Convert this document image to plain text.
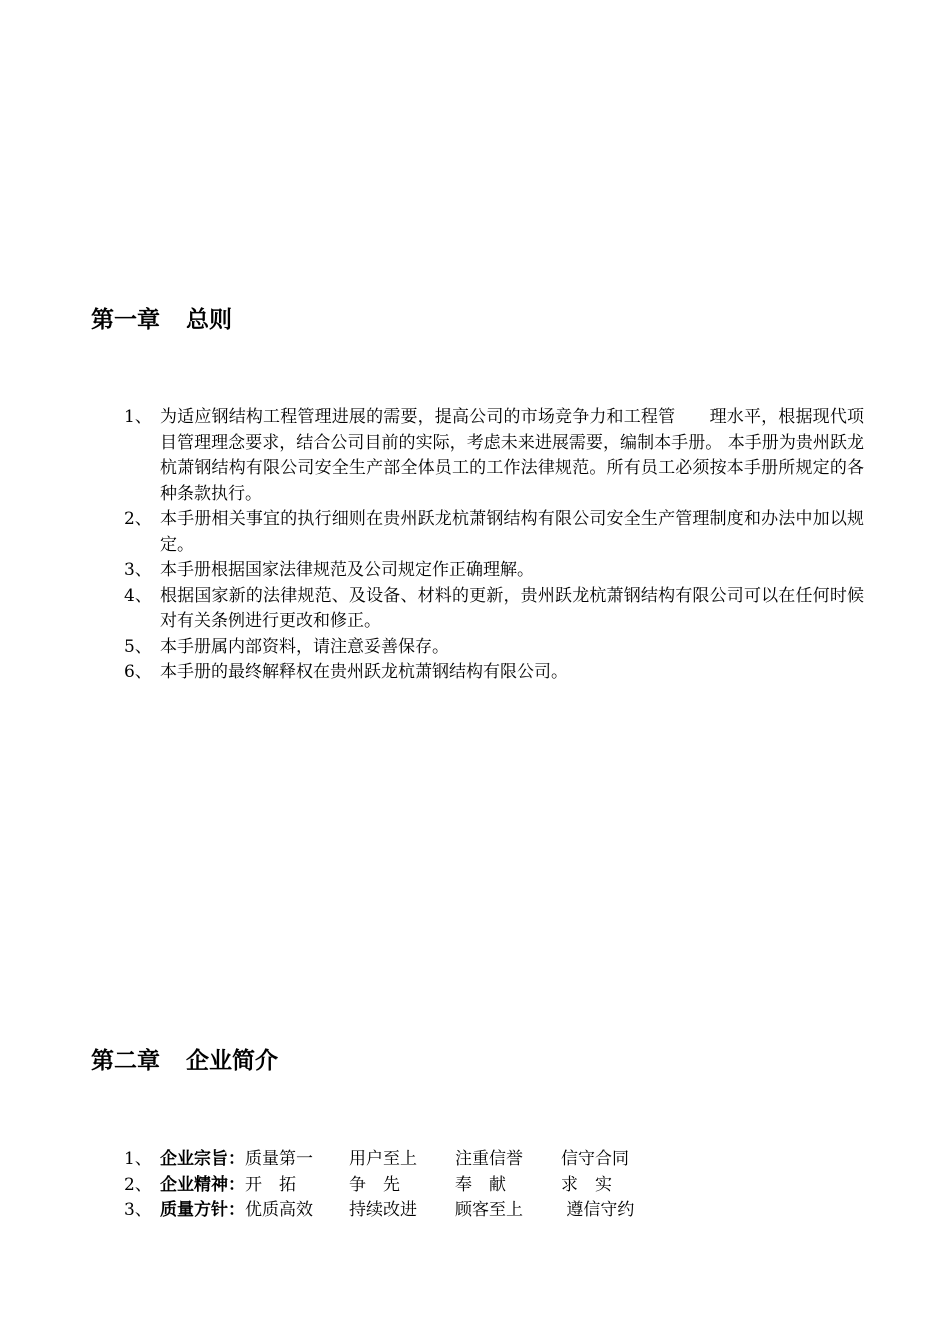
第一章 总则
1、 为适应钢结构工程管理进展的需要，提高公司的市场竞争力和工程管　　理水平，根据现代项目管理理念要求，结合公司目前的实际，考虑未来进展需要，编制本手册。 本手册为贵州跃龙杭萧钢结构有限公司安全生产部全体员工的工作法律规范。所有员工必须按本手册所规定的各种条款执行。
2、 本手册相关事宜的执行细则在贵州跃龙杭萧钢结构有限公司安全生产管理制度和办法中加以规定。
3、 本手册根据国家法律规范及公司规定作正确理解。
4、 根据国家新的法律规范、及设备、材料的更新，贵州跃龙杭萧钢结构有限公司可以在任何时候对有关条例进行更改和修正。
5、 本手册属内部资料，请注意妥善保存。
6、 本手册的最终解释权在贵州跃龙杭萧钢结构有限公司。
第二章 企业简介
1、 企业宗旨： 质量第一	用户至上	注重信誉	信守合同
2、 企业精神： 开　拓	争　先	奉　献	求　实
3、 质量方针： 优质高效	持续改进	顾客至上	遵信守约
